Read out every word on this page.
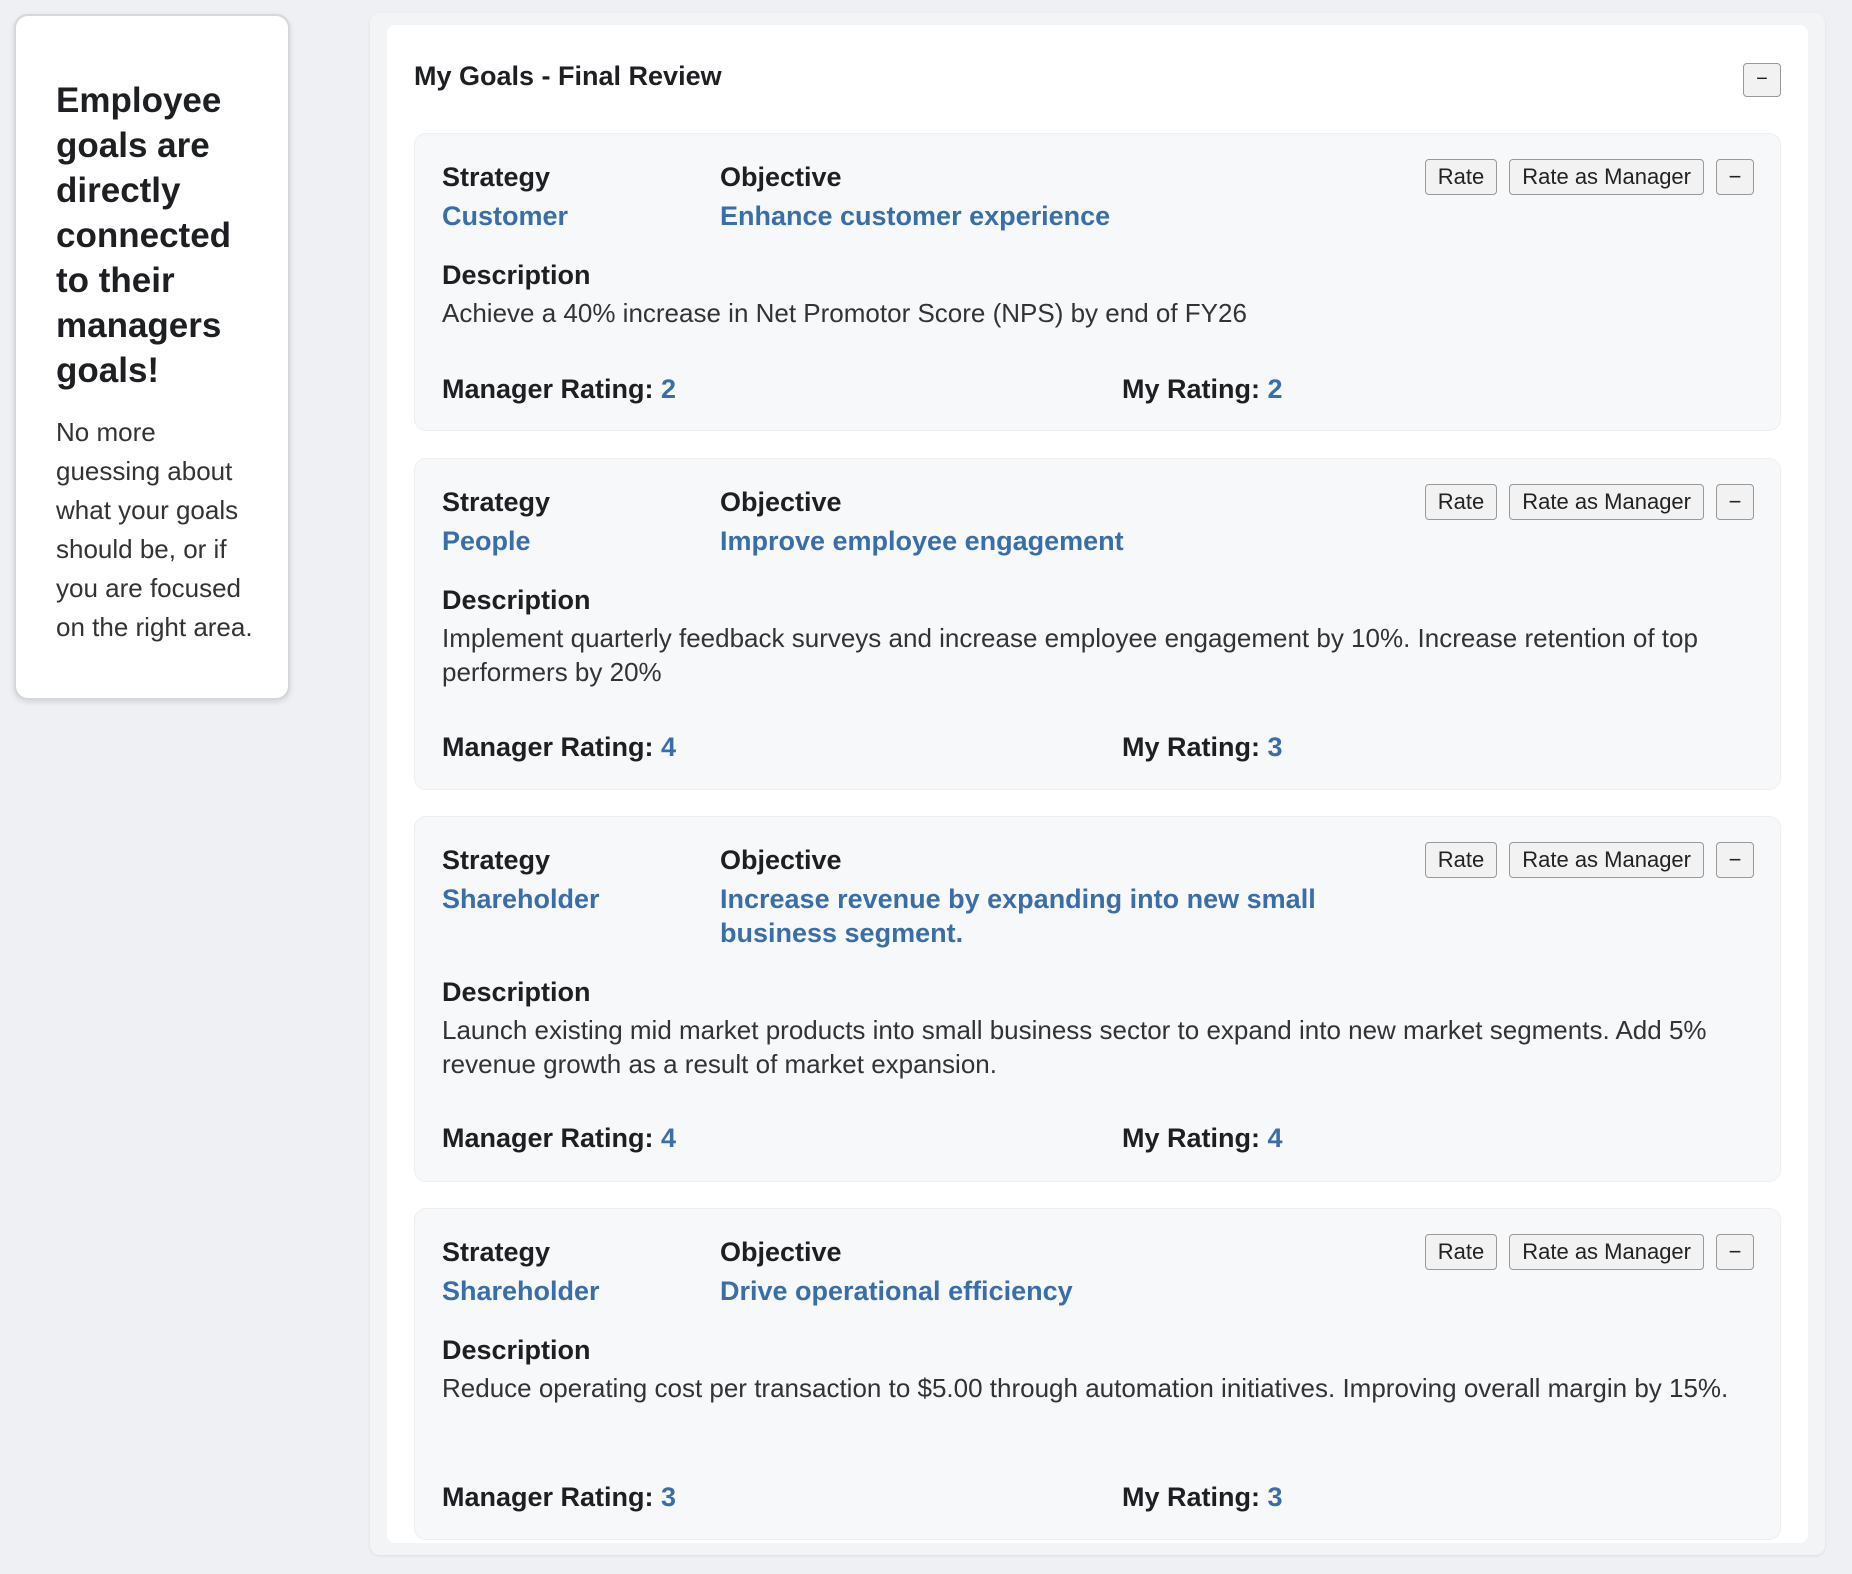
Employee goals are directly connected to their managers goals!

No more guessing about what your goals should be, or if you are focused on the right area.

My Goals - Final Review	−
Strategy
Customer
Objective
Enhance customer experience
Rate	Rate as Manager	−
Description
Achieve a 40% increase in Net Promotor Score (NPS) by end of FY26
Manager Rating: 2	My Rating: 2
Strategy
People
Objective
Improve employee engagement
Rate	Rate as Manager	−
Description
Implement quarterly feedback surveys and increase employee engagement by 10%. Increase retention of top performers by 20%
Manager Rating: 4	My Rating: 3
Strategy
Shareholder
Objective
Increase revenue by expanding into new small business segment.
Rate	Rate as Manager	−
Description
Launch existing mid market products into small business sector to expand into new market segments. Add 5% revenue growth as a result of market expansion.
Manager Rating: 4	My Rating: 4
Strategy
Shareholder
Objective
Drive operational efficiency
Rate	Rate as Manager	−
Description
Reduce operating cost per transaction to $5.00 through automation initiatives. Improving overall margin by 15%.
Manager Rating: 3	My Rating: 3
